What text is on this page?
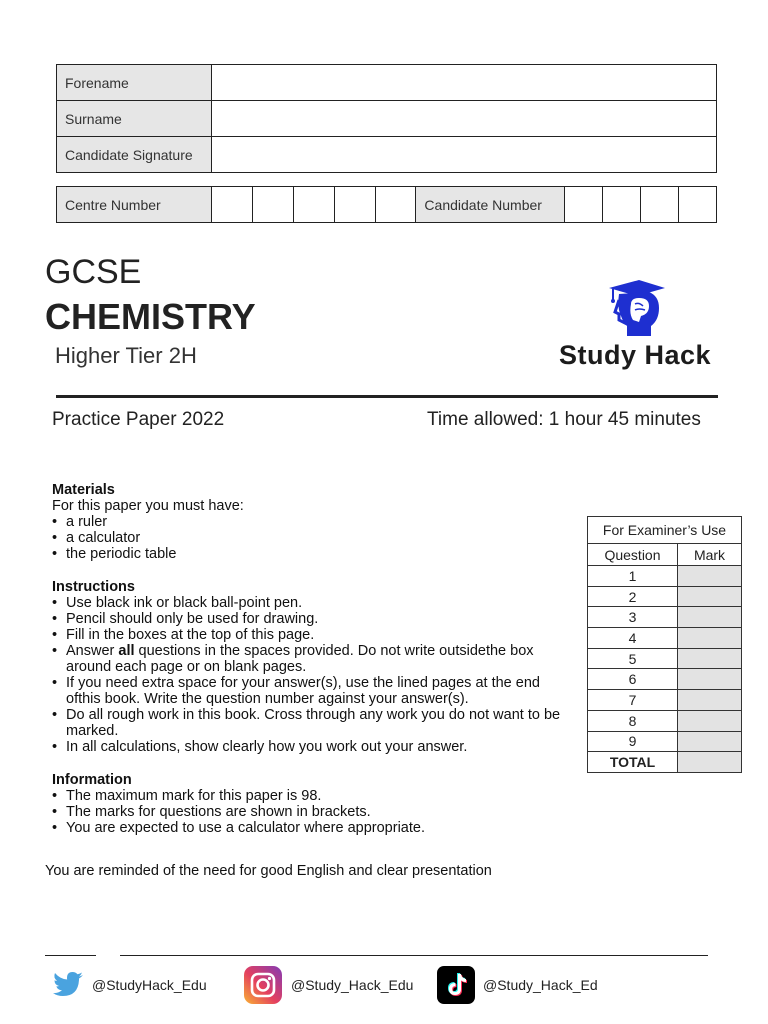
Forename	
Surname	
Candidate Signature	
Centre Number						Candidate Number				
GCSE
CHEMISTRY
Higher Tier 2H	Study Hack
Practice Paper 2022	Time allowed: 1 hour 45 minutes
Materials
For this paper you must have:
• a ruler
• a calculator
• the periodic table
Instructions
• Use black ink or black ball-point pen.
• Pencil should only be used for drawing.
• Fill in the boxes at the top of this page.
• Answer all questions in the spaces provided. Do not write outsidethe box around each page or on blank pages.
• If you need extra space for your answer(s), use the lined pages at the end ofthis book. Write the question number against your answer(s).
• Do all rough work in this book. Cross through any work you do not want to be marked.
• In all calculations, show clearly how you work out your answer.
Information
• The maximum mark for this paper is 98.
• The marks for questions are shown in brackets.
• You are expected to use a calculator where appropriate.
You are reminded of the need for good English and clear presentation
For Examiner’s Use	
Question	Mark
1	
2	
3	
4	
5	
6	
7	
8	
9	
TOTAL	
@StudyHack_Edu	@Study_Hack_Edu	@Study_Hack_Ed
